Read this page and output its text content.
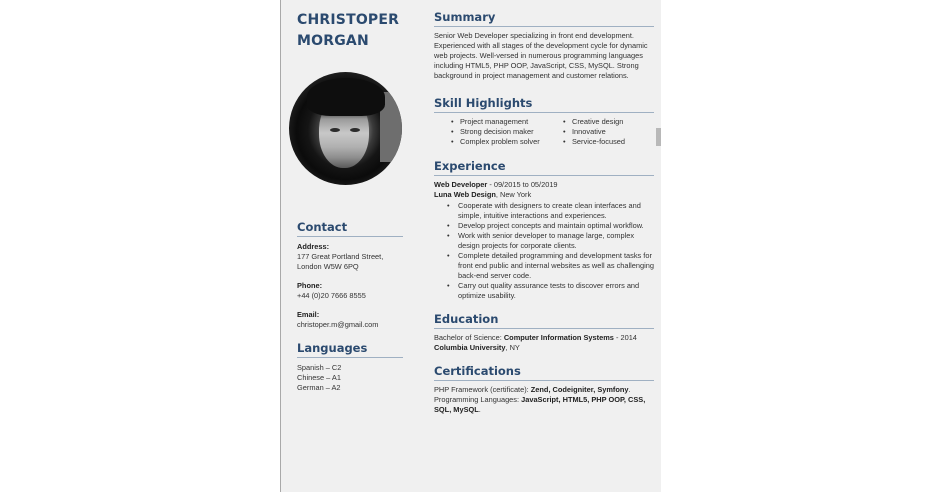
CHRISTOPER
MORGAN
Contact
Address:
177 Great Portland Street,
London W5W 6PQ
Phone:
+44 (0)20 7666 8555
Email:
christoper.m@gmail.com
Languages
Spanish – C2
Chinese – A1
German – A2
Summary
Senior Web Developer specializing in front end development. Experienced with all stages of the development cycle for dynamic web projects. Well-versed in numerous programming languages including HTML5, PHP OOP, JavaScript, CSS, MySQL. Strong background in project management and customer relations.
Skill Highlights
• Project management
• Strong decision maker
• Complex problem solver
• Creative design
• Innovative
• Service-focused
Experience
Web Developer - 09/2015 to 05/2019
Luna Web Design, New York
• Cooperate with designers to create clean interfaces and simple, intuitive interactions and experiences.
• Develop project concepts and maintain optimal workflow.
• Work with senior developer to manage large, complex design projects for corporate clients.
• Complete detailed programming and development tasks for front end public and internal websites as well as challenging back-end server code.
• Carry out quality assurance tests to discover errors and optimize usability.
Education
Bachelor of Science: Computer Information Systems - 2014
Columbia University, NY
Certifications
PHP Framework (certificate): Zend, Codeigniter, Symfony.
Programming Languages: JavaScript, HTML5, PHP OOP, CSS, SQL, MySQL.
